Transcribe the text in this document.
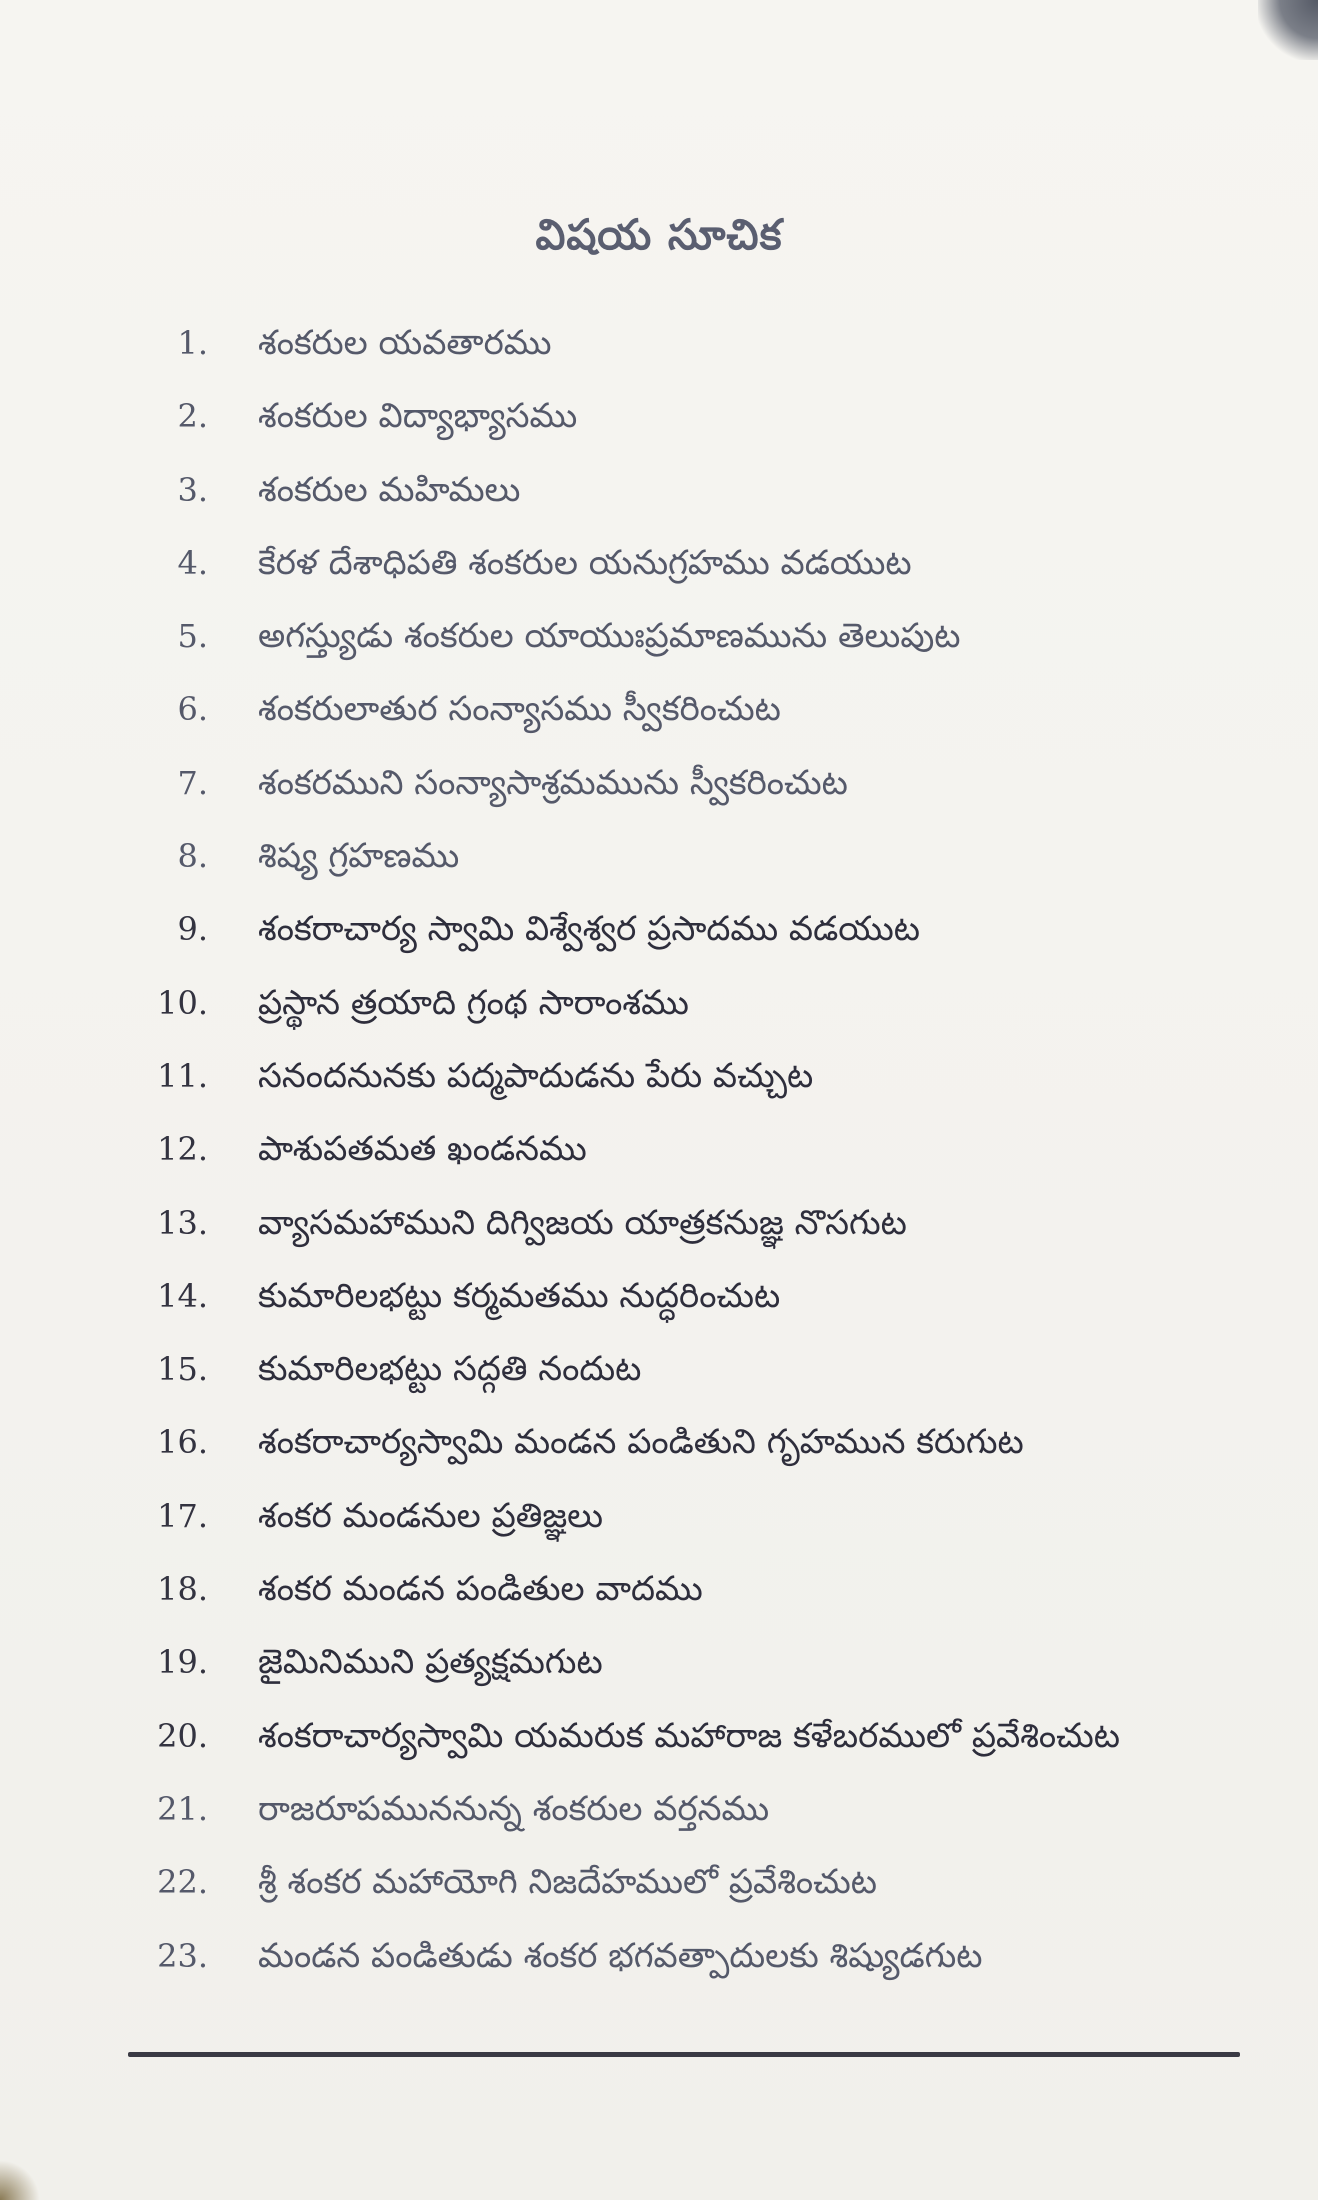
విషయ సూచిక
1. శంకరుల యవతారము
2. శంకరుల విద్యాభ్యాసము
3. శంకరుల మహిమలు
4. కేరళ దేశాధిపతి శంకరుల యనుగ్రహము వడయుట
5. అగస్త్యుడు శంకరుల యాయుఃప్రమాణమును తెలుపుట
6. శంకరులాతుర సంన్యాసము స్వీకరించుట
7. శంకరముని సంన్యాసాశ్రమమును స్వీకరించుట
8. శిష్య గ్రహణము
9. శంకరాచార్య స్వామి విశ్వేశ్వర ప్రసాదము వడయుట
10. ప్రస్థాన త్రయాది గ్రంథ సారాంశము
11. సనందనునకు పద్మపాదుడను పేరు వచ్చుట
12. పాశుపతమత ఖండనము
13. వ్యాసమహాముని దిగ్విజయ యాత్రకనుజ్ఞ నొసగుట
14. కుమారిలభట్టు కర్మమతము నుద్ధరించుట
15. కుమారిలభట్టు సద్గతి నందుట
16. శంకరాచార్యస్వామి మండన పండితుని గృహమున కరుగుట
17. శంకర మండనుల ప్రతిజ్ఞలు
18. శంకర మండన పండితుల వాదము
19. జైమినిముని ప్రత్యక్షమగుట
20. శంకరాచార్యస్వామి యమరుక మహారాజ కళేబరములో ప్రవేశించుట
21. రాజరూపముననున్న శంకరుల వర్తనము
22. శ్రీ శంకర మహాయోగి నిజదేహములో ప్రవేశించుట
23. మండన పండితుడు శంకర భగవత్పాదులకు శిష్యుడగుట
